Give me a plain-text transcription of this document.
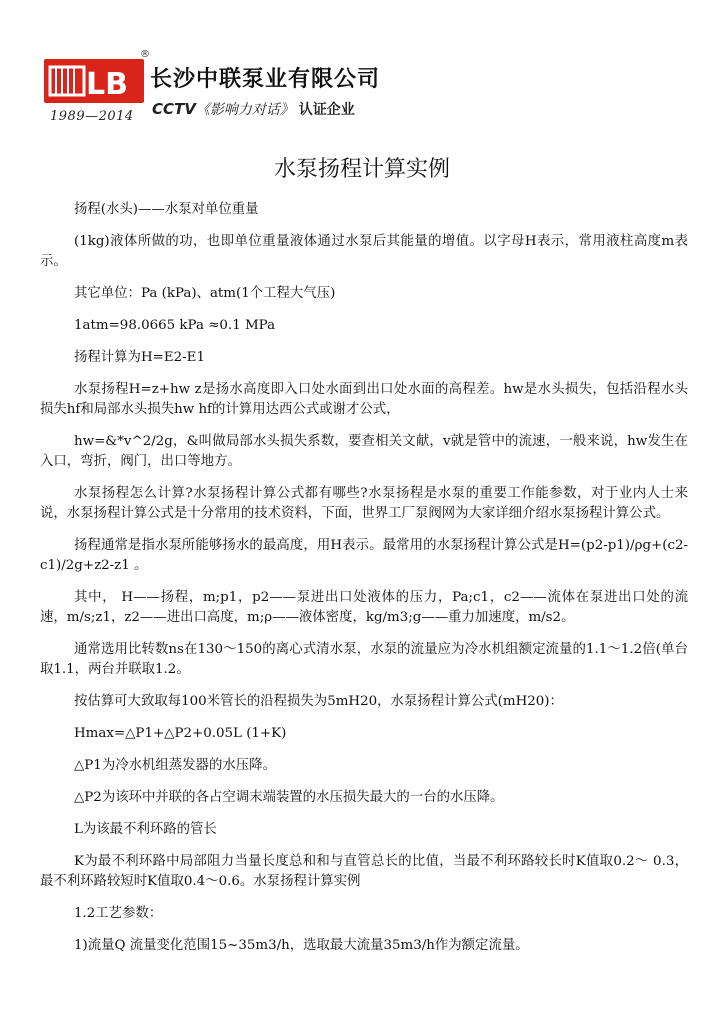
LB
®
1989—2014
长沙中联泵业有限公司
CCTV《影响力对话》 认证企业
水泵扬程计算实例

扬程(水头)——水泵对单位重量

(1kg)液体所做的功，也即单位重量液体通过水泵后其能量的增值。以字母H表示，常用液柱高度m表示。

其它单位：Pa (kPa)、atm(1个工程大气压)

1atm=98.0665 kPa ≈0.1 MPa

扬程计算为H=E2-E1

水泵扬程H=z+hw z是扬水高度即入口处水面到出口处水面的高程差。hw是水头损失，包括沿程水头损失hf和局部水头损失hw hf的计算用达西公式或谢才公式，

hw=&*v^2/2g，&叫做局部水头损失系数，要查相关文献，v就是管中的流速，一般来说，hw发生在入口，弯折，阀门，出口等地方。

水泵扬程怎么计算?水泵扬程计算公式都有哪些?水泵扬程是水泵的重要工作能参数，对于业内人士来说，水泵扬程计算公式是十分常用的技术资料，下面，世界工厂泵阀网为大家详细介绍水泵扬程计算公式。

扬程通常是指水泵所能够扬水的最高度，用H表示。最常用的水泵扬程计算公式是H=(p2-p1)/ρg+(c2-c1)/2g+z2-z1 。

其中， H——扬程，m;p1，p2——泵进出口处液体的压力，Pa;c1，c2——流体在泵进出口处的流速，m/s;z1，z2——进出口高度，m;ρ——液体密度，kg/m3;g——重力加速度，m/s2。

通常选用比转数ns在130～150的离心式清水泵，水泵的流量应为冷水机组额定流量的1.1～1.2倍(单台取1.1，两台并联取1.2。

按估算可大致取每100米管长的沿程损失为5mH20，水泵扬程计算公式(mH20)：

Hmax=△P1+△P2+0.05L (1+K)

△P1为冷水机组蒸发器的水压降。

△P2为该环中并联的各占空调末端装置的水压损失最大的一台的水压降。

L为该最不利环路的管长

K为最不利环路中局部阻力当量长度总和和与直管总长的比值，当最不利环路较长时K值取0.2～ 0.3，最不利环路较短时K值取0.4～0.6。水泵扬程计算实例

1.2工艺参数：

1)流量Q 流量变化范围15~35m3/h，选取最大流量35m3/h作为额定流量。
